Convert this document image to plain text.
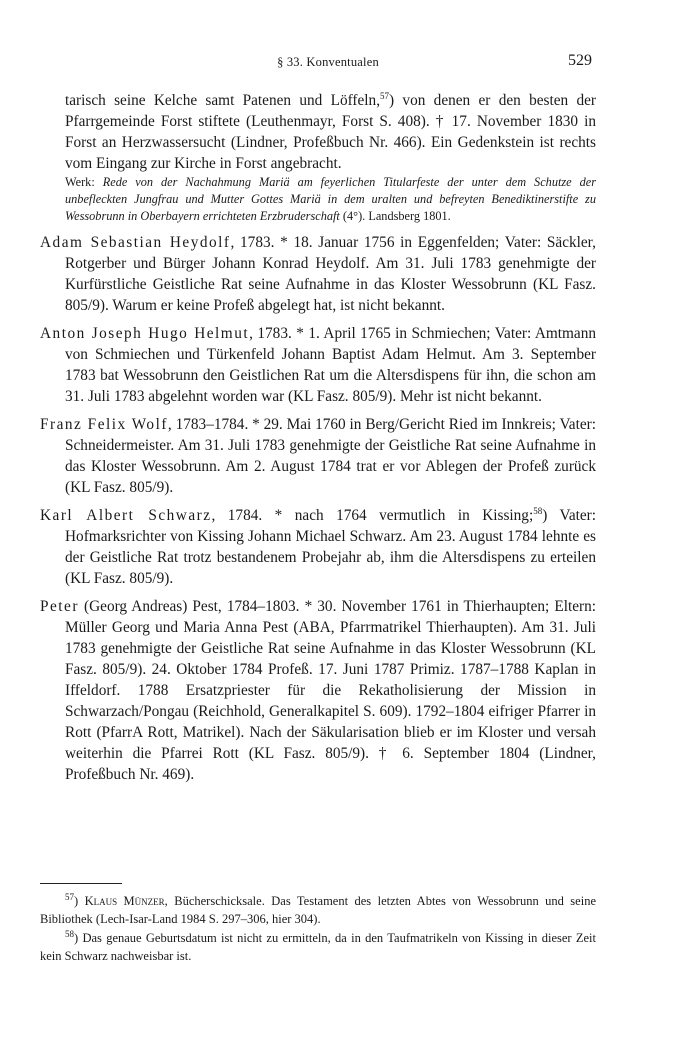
§ 33. Konventualen	529

tarisch seine Kelche samt Patenen und Löffeln,$^{57}$) von denen er den besten der Pfarrgemeinde Forst stiftete (Leuthenmayr, Forst S. 408). † 17. November 1830 in Forst an Herzwassersucht (Lindner, Profeßbuch Nr. 466). Ein Gedenkstein ist rechts vom Eingang zur Kirche in Forst angebracht.

Werk: Rede von der Nachahmung Mariä am feyerlichen Titularfeste der unter dem Schutze der unbefleckten Jungfrau und Mutter Gottes Mariä in dem uralten und befreyten Benediktinerstifte zu Wessobrunn in Oberbayern errichteten Erzbruderschaft (4°). Landsberg 1801.

Adam Sebastian Heydolf, 1783. * 18. Januar 1756 in Eggenfelden; Vater: Säckler, Rotgerber und Bürger Johann Konrad Heydolf. Am 31. Juli 1783 genehmigte der Kurfürstliche Geistliche Rat seine Aufnahme in das Kloster Wessobrunn (KL Fasz. 805/9). Warum er keine Profeß abgelegt hat, ist nicht bekannt.

Anton Joseph Hugo Helmut, 1783. * 1. April 1765 in Schmiechen; Vater: Amtmann von Schmiechen und Türkenfeld Johann Baptist Adam Helmut. Am 3. September 1783 bat Wessobrunn den Geistlichen Rat um die Altersdispens für ihn, die schon am 31. Juli 1783 abgelehnt worden war (KL Fasz. 805/9). Mehr ist nicht bekannt.

Franz Felix Wolf, 1783–1784. * 29. Mai 1760 in Berg/Gericht Ried im Innkreis; Vater: Schneidermeister. Am 31. Juli 1783 genehmigte der Geistliche Rat seine Aufnahme in das Kloster Wessobrunn. Am 2. August 1784 trat er vor Ablegen der Profeß zurück (KL Fasz. 805/9).

Karl Albert Schwarz, 1784. * nach 1764 vermutlich in Kissing;$^{58}$) Vater: Hofmarksrichter von Kissing Johann Michael Schwarz. Am 23. August 1784 lehnte es der Geistliche Rat trotz bestandenem Probejahr ab, ihm die Altersdispens zu erteilen (KL Fasz. 805/9).

Peter (Georg Andreas) Pest, 1784–1803. * 30. November 1761 in Thierhaupten; Eltern: Müller Georg und Maria Anna Pest (ABA, Pfarrmatrikel Thierhaupten). Am 31. Juli 1783 genehmigte der Geistliche Rat seine Aufnahme in das Kloster Wessobrunn (KL Fasz. 805/9). 24. Oktober 1784 Profeß. 17. Juni 1787 Primiz. 1787–1788 Kaplan in Iffeldorf. 1788 Ersatzpriester für die Rekatholisierung der Mission in Schwarzach/Pongau (Reichhold, Generalkapitel S. 609). 1792–1804 eifriger Pfarrer in Rott (PfarrA Rott, Matrikel). Nach der Säkularisation blieb er im Kloster und versah weiterhin die Pfarrei Rott (KL Fasz. 805/9). † 6. September 1804 (Lindner, Profeßbuch Nr. 469).

$^{57}$) Klaus Münzer, Bücherschicksale. Das Testament des letzten Abtes von Wessobrunn und seine Bibliothek (Lech-Isar-Land 1984 S. 297–306, hier 304).

$^{58}$) Das genaue Geburtsdatum ist nicht zu ermitteln, da in den Taufmatrikeln von Kissing in dieser Zeit kein Schwarz nachweisbar ist.
